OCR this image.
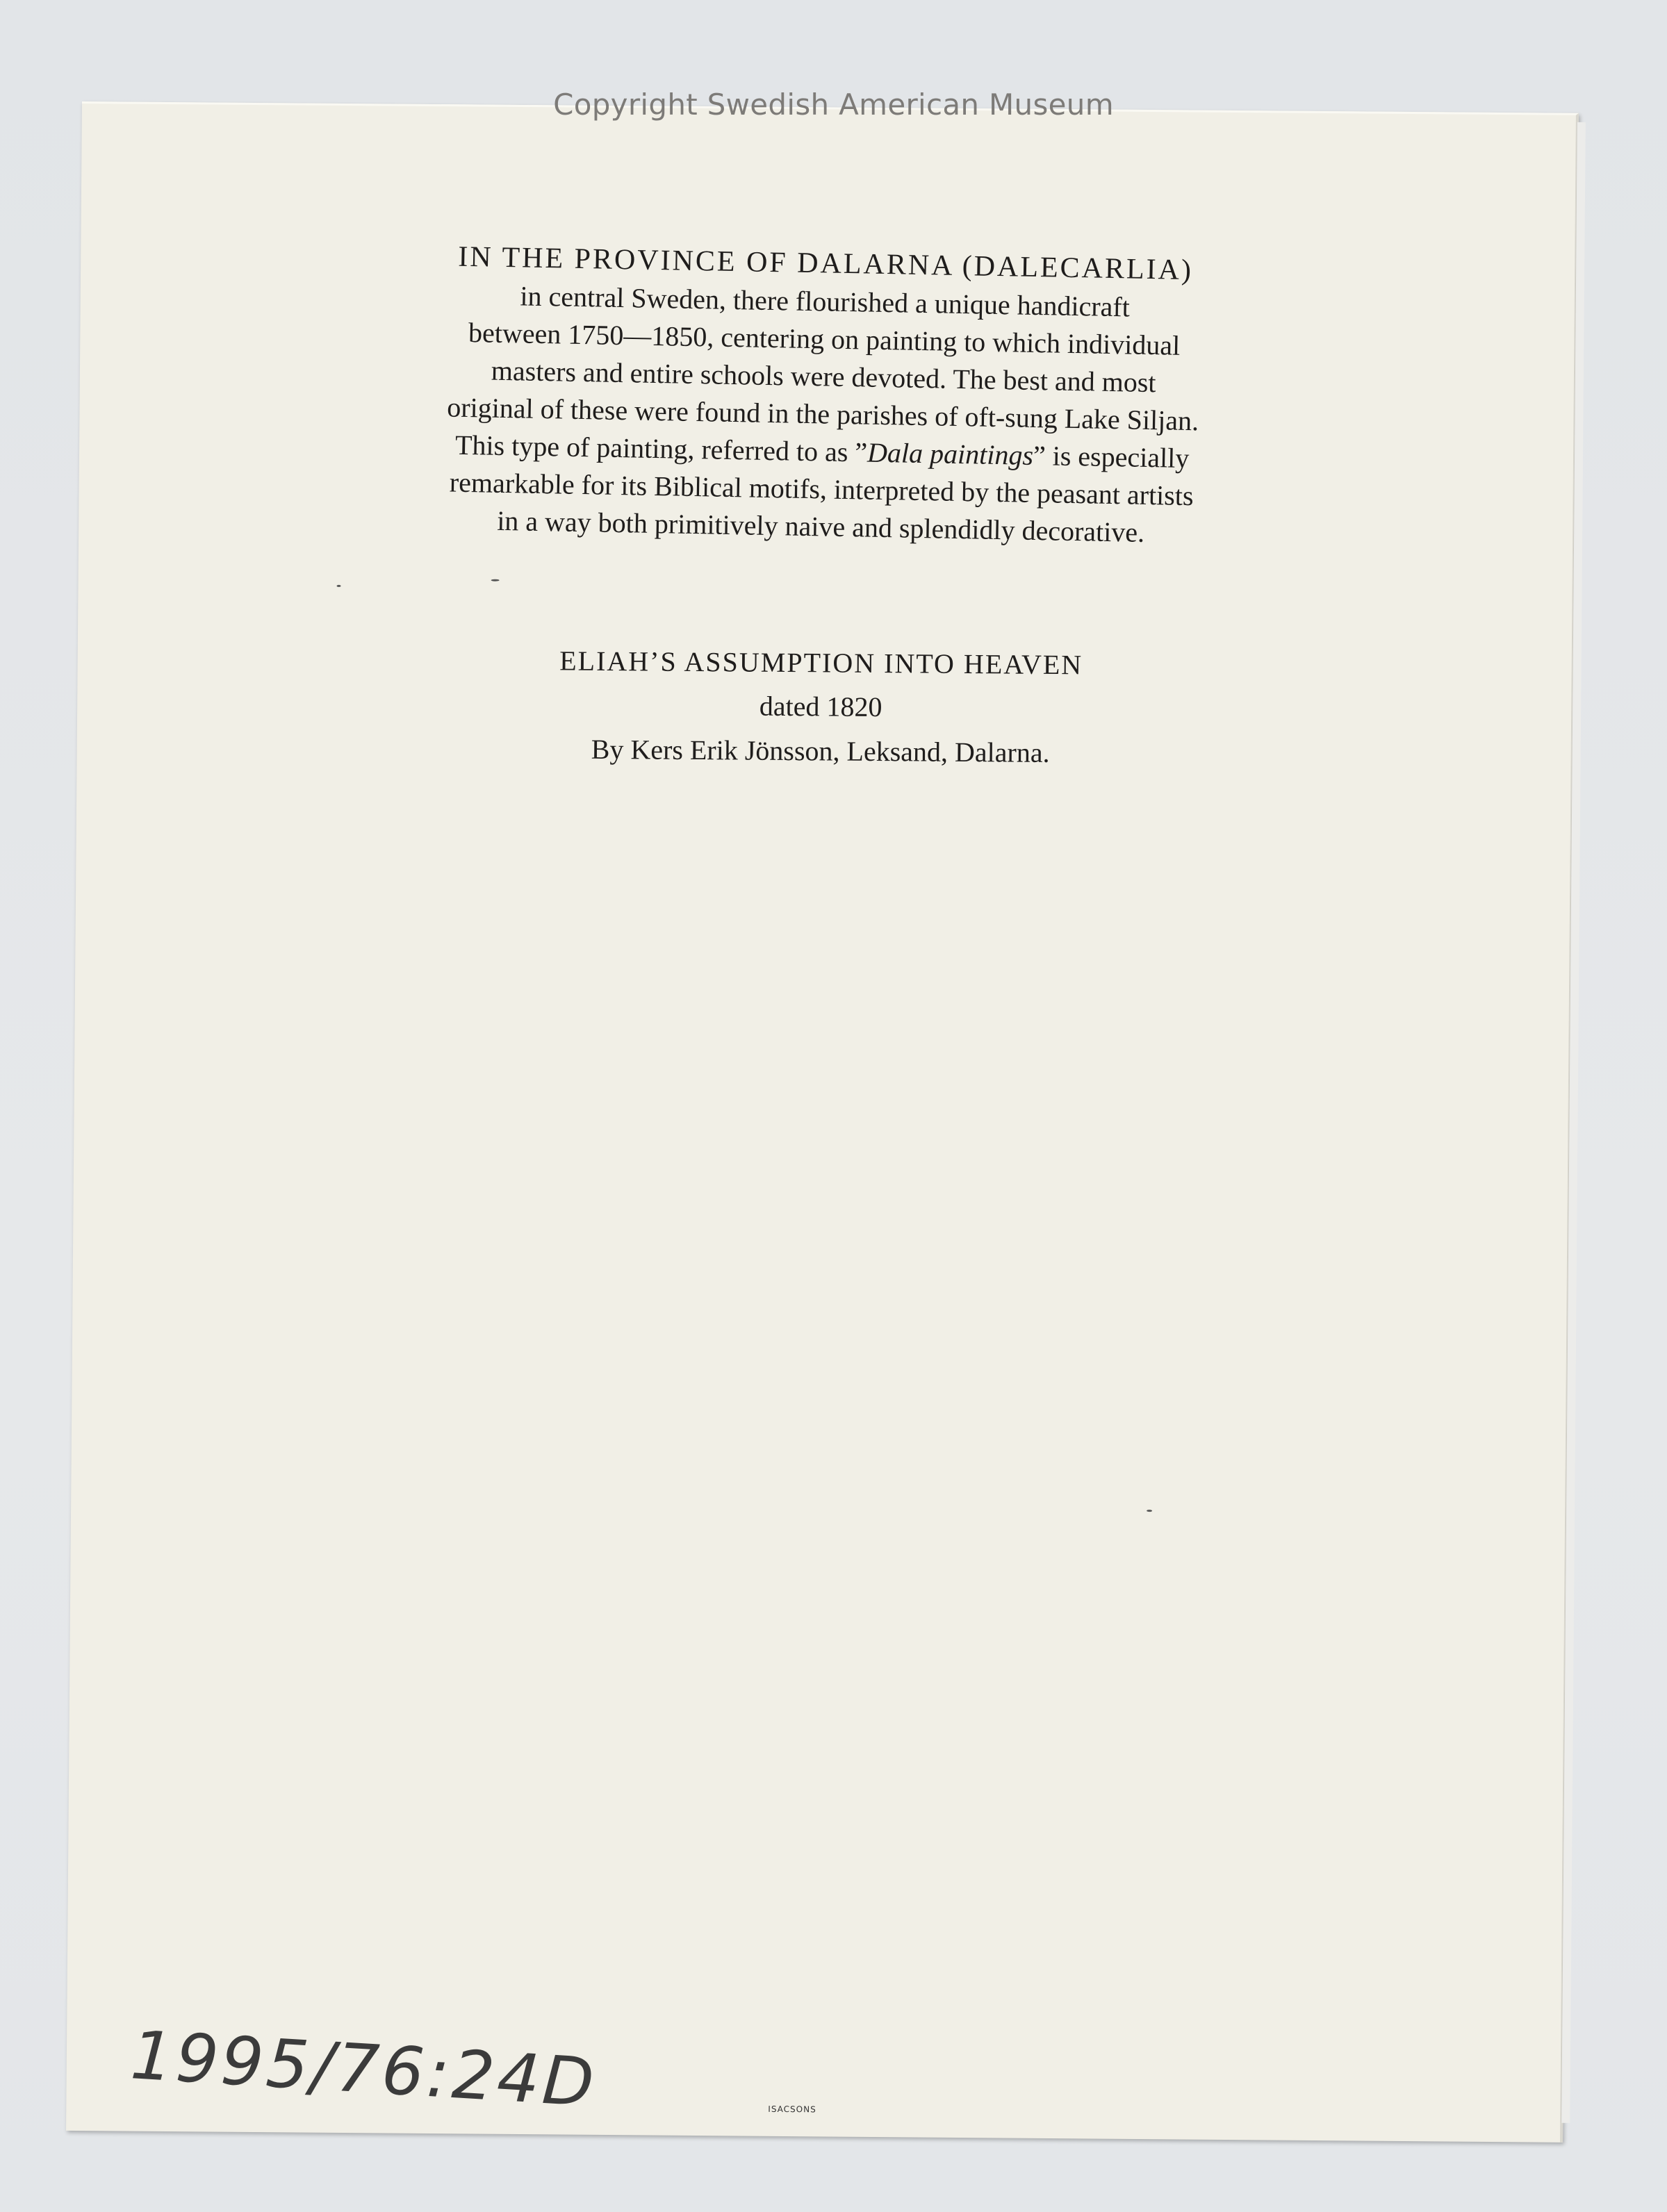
IN THE PROVINCE OF DALARNA (DALECARLIA)

in central Sweden, there flourished a unique handicraft

between 1750—1850, centering on painting to which individual

masters and entire schools were devoted. The best and most

original of these were found in the parishes of oft-sung Lake Siljan.

This type of painting, referred to as ”Dala paintings” is especially

remarkable for its Biblical motifs, interpreted by the peasant artists

in a way both primitively naive and splendidly decorative.

ELIAH’S ASSUMPTION INTO HEAVEN

dated 1820

By Kers Erik Jönsson, Leksand, Dalarna.

1995/76:24D	ISACSONS
Copyright Swedish American Museum
